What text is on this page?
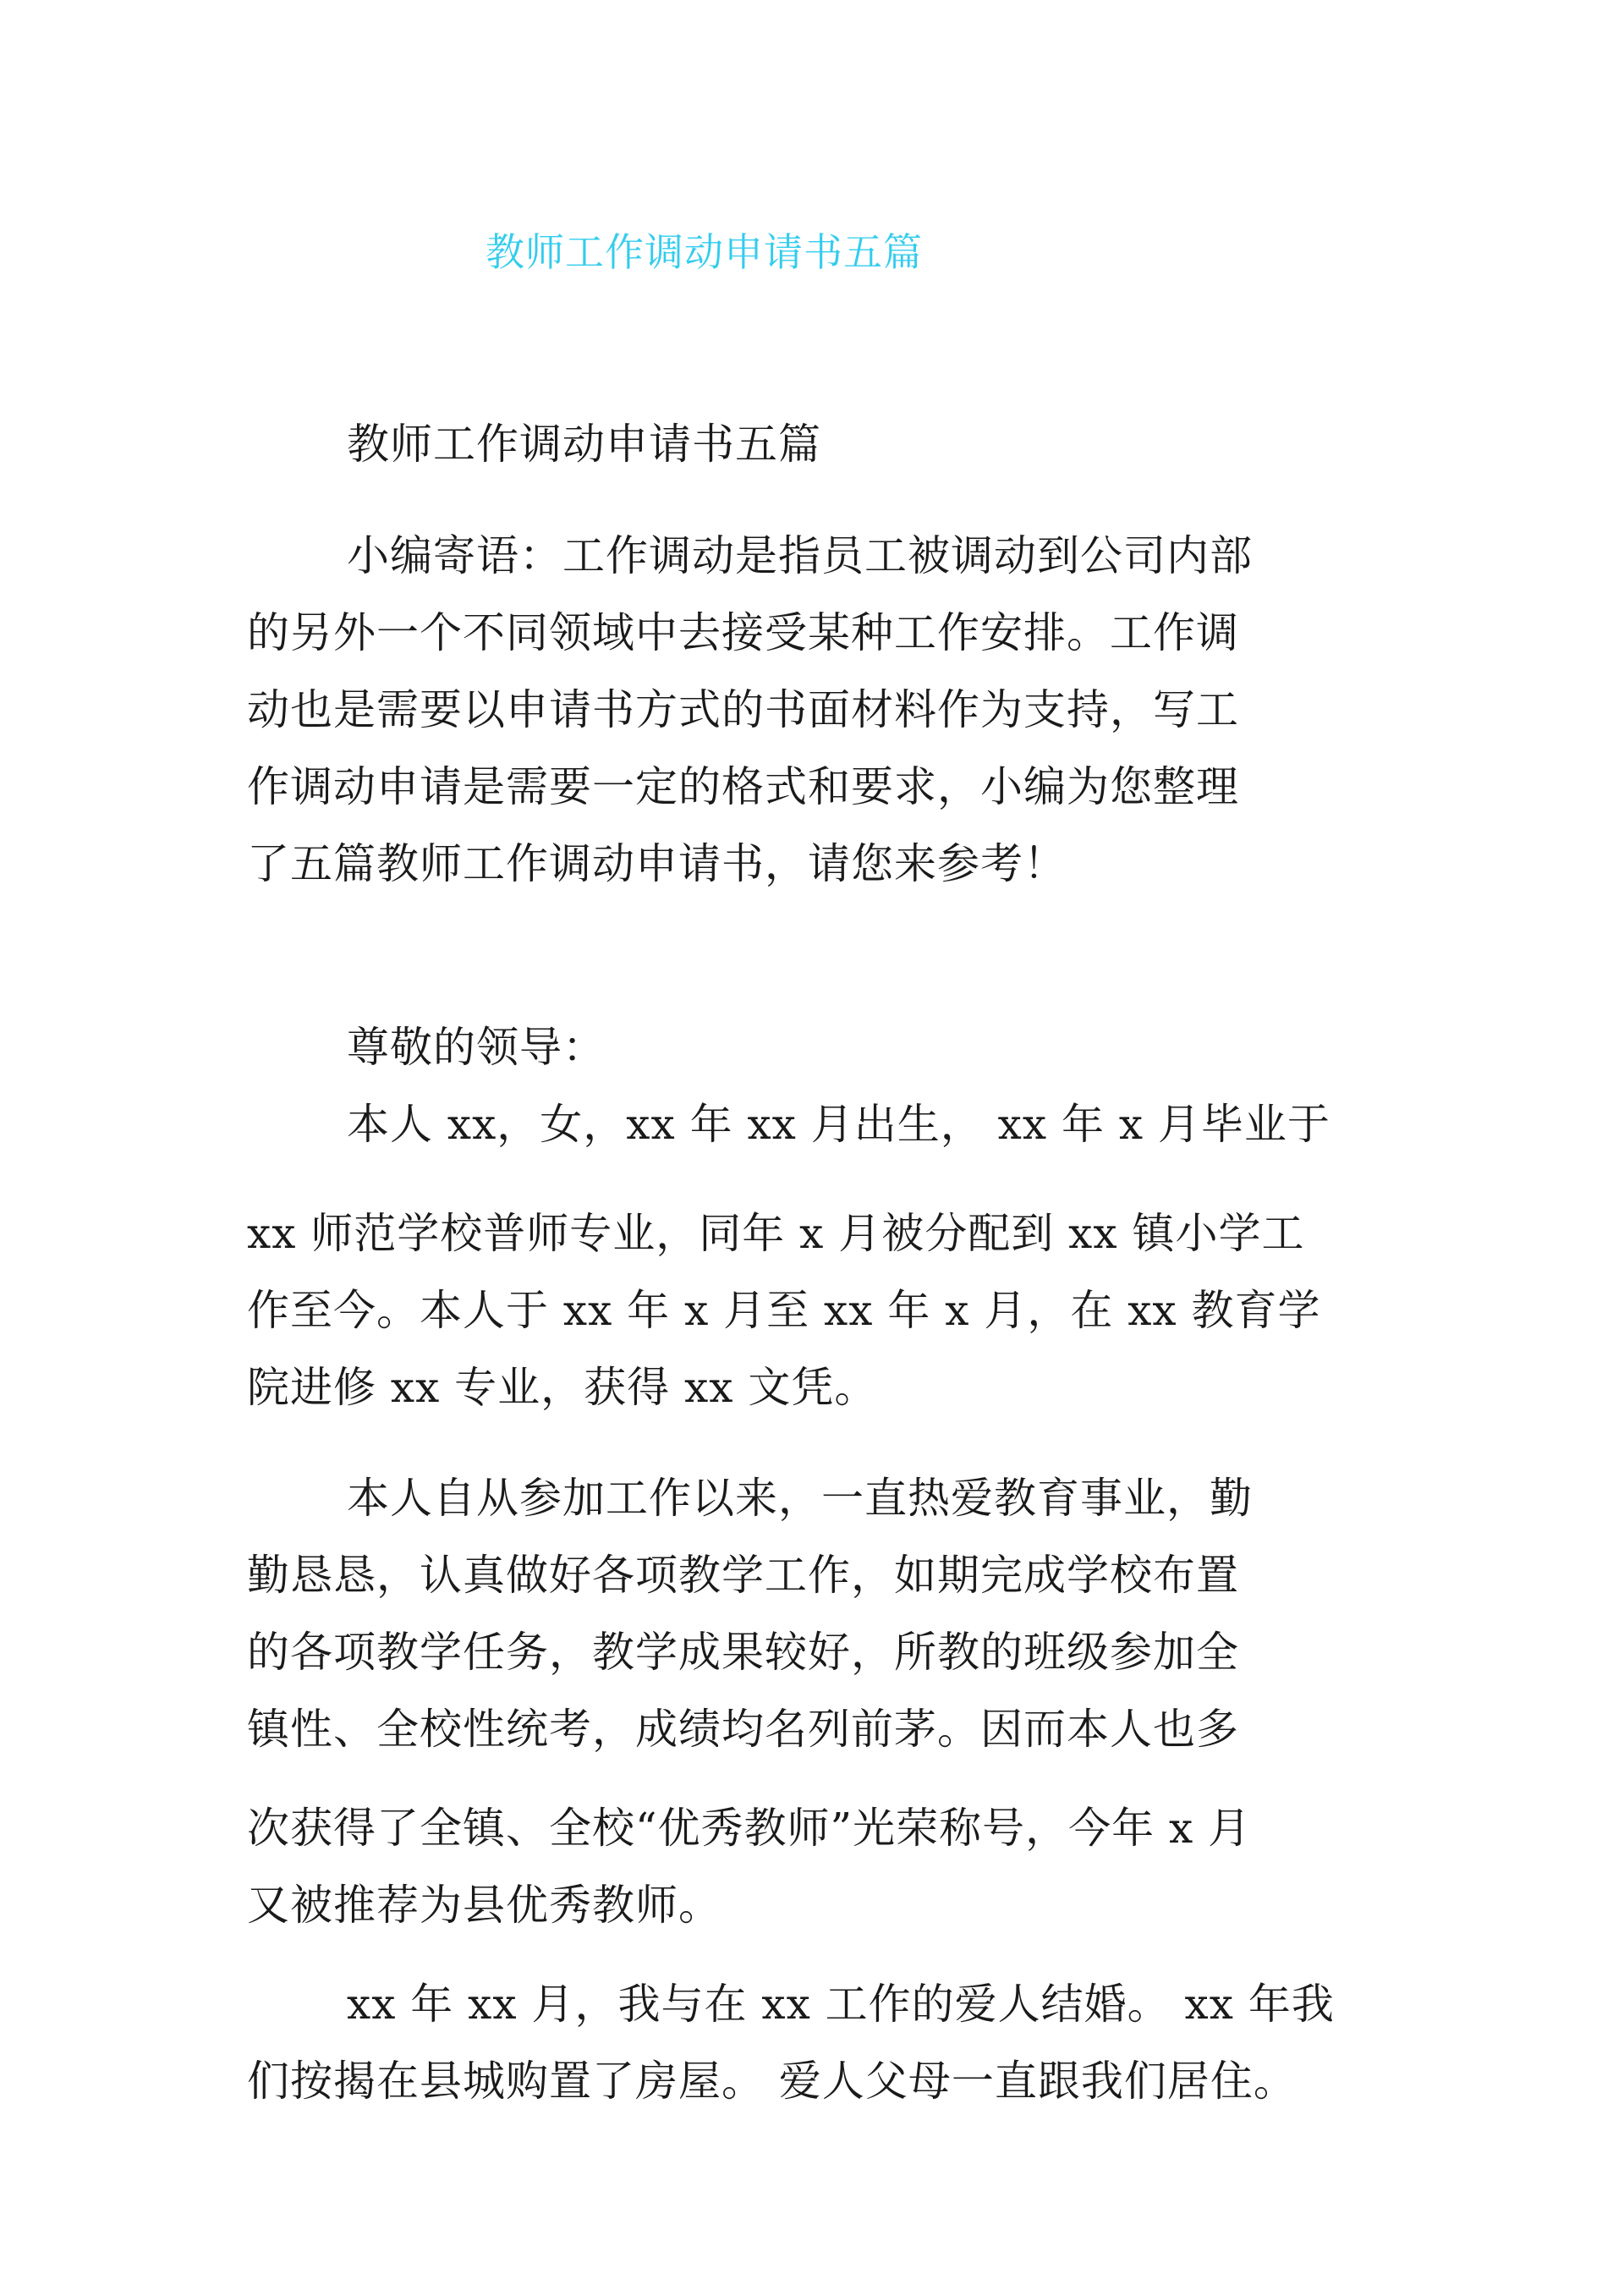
教师工作调动申请书五篇
教师工作调动申请书五篇
小编寄语：工作调动是指员工被调动到公司内部
的另外一个不同领域中去接受某种工作安排。工作调
动也是需要以申请书方式的书面材料作为支持，写工
作调动申请是需要一定的格式和要求，小编为您整理
了五篇教师工作调动申请书，请您来参考！
尊敬的领导：
本人 xx，女，xx 年 xx 月出生， xx 年 x 月毕业于
xx 师范学校普师专业，同年 x 月被分配到 xx 镇小学工
作至今。本人于 xx 年 x 月至 xx 年 x 月，在 xx 教育学
院进修 xx 专业，获得 xx 文凭。
本人自从参加工作以来，一直热爱教育事业，勤
勤恳恳，认真做好各项教学工作，如期完成学校布置
的各项教学任务，教学成果较好，所教的班级参加全
镇性、全校性统考，成绩均名列前茅。因而本人也多
次获得了全镇、全校“优秀教师”光荣称号，今年 x 月
又被推荐为县优秀教师。
xx 年 xx 月，我与在 xx 工作的爱人结婚。 xx 年我
们按揭在县城购置了房屋。 爱人父母一直跟我们居住。
